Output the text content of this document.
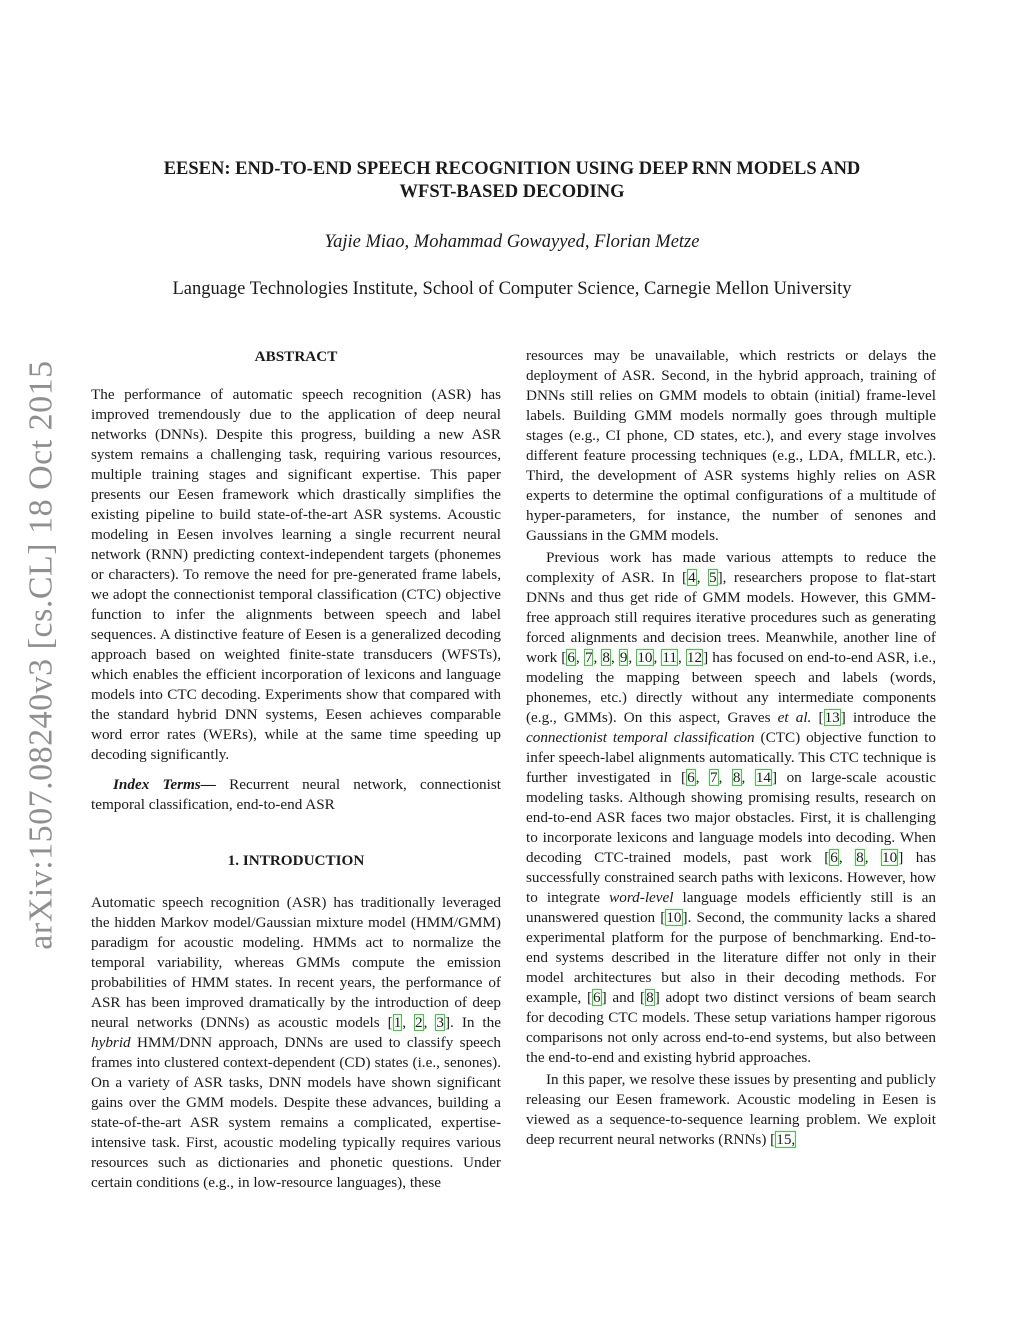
arXiv:1507.08240v3 [cs.CL] 18 Oct 2015
EESEN: END-TO-END SPEECH RECOGNITION USING DEEP RNN MODELS AND
WFST-BASED DECODING

Yajie Miao, Mohammad Gowayyed, Florian Metze

Language Technologies Institute, School of Computer Science, Carnegie Mellon University

ABSTRACT

The performance of automatic speech recognition (ASR) has improved tremendously due to the application of deep neural networks (DNNs). Despite this progress, building a new ASR system remains a challenging task, requiring various resources, multiple training stages and significant expertise. This paper presents our Eesen framework which drastically simplifies the existing pipeline to build state-of-the-art ASR systems. Acoustic modeling in Eesen involves learning a single recurrent neural network (RNN) predicting context-independent targets (phonemes or characters). To remove the need for pre-generated frame labels, we adopt the connectionist temporal classification (CTC) objective function to infer the alignments between speech and label sequences. A distinctive feature of Eesen is a generalized decoding approach based on weighted finite-state transducers (WFSTs), which enables the efficient incorporation of lexicons and language models into CTC decoding. Experiments show that compared with the standard hybrid DNN systems, Eesen achieves comparable word error rates (WERs), while at the same time speeding up decoding significantly.

Index Terms— Recurrent neural network, connectionist temporal classification, end-to-end ASR

1. INTRODUCTION

Automatic speech recognition (ASR) has traditionally leveraged the hidden Markov model/Gaussian mixture model (HMM/GMM) paradigm for acoustic modeling. HMMs act to normalize the temporal variability, whereas GMMs compute the emission probabilities of HMM states. In recent years, the performance of ASR has been improved dramatically by the introduction of deep neural networks (DNNs) as acoustic models [1, 2, 3]. In the hybrid HMM/DNN approach, DNNs are used to classify speech frames into clustered context-dependent (CD) states (i.e., senones). On a variety of ASR tasks, DNN models have shown significant gains over the GMM models. Despite these advances, building a state-of-the-art ASR system remains a complicated, expertise-intensive task. First, acoustic modeling typically requires various resources such as dictionaries and phonetic questions. Under certain conditions (e.g., in low-resource languages), these

resources may be unavailable, which restricts or delays the deployment of ASR. Second, in the hybrid approach, training of DNNs still relies on GMM models to obtain (initial) frame-level labels. Building GMM models normally goes through multiple stages (e.g., CI phone, CD states, etc.), and every stage involves different feature processing techniques (e.g., LDA, fMLLR, etc.). Third, the development of ASR systems highly relies on ASR experts to determine the optimal configurations of a multitude of hyper-parameters, for instance, the number of senones and Gaussians in the GMM models.

Previous work has made various attempts to reduce the complexity of ASR. In [4, 5], researchers propose to flat-start DNNs and thus get ride of GMM models. However, this GMM-free approach still requires iterative procedures such as generating forced alignments and decision trees. Meanwhile, another line of work [6, 7, 8, 9, 10, 11, 12] has focused on end-to-end ASR, i.e., modeling the mapping between speech and labels (words, phonemes, etc.) directly without any intermediate components (e.g., GMMs). On this aspect, Graves et al. [13] introduce the connectionist temporal classification (CTC) objective function to infer speech-label alignments automatically. This CTC technique is further investigated in [6, 7, 8, 14] on large-scale acoustic modeling tasks. Although showing promising results, research on end-to-end ASR faces two major obstacles. First, it is challenging to incorporate lexicons and language models into decoding. When decoding CTC-trained models, past work [6, 8, 10] has successfully constrained search paths with lexicons. However, how to integrate word-level language models efficiently still is an unanswered question [10]. Second, the community lacks a shared experimental platform for the purpose of benchmarking. End-to-end systems described in the literature differ not only in their model architectures but also in their decoding methods. For example, [6] and [8] adopt two distinct versions of beam search for decoding CTC models. These setup variations hamper rigorous comparisons not only across end-to-end systems, but also between the end-to-end and existing hybrid approaches.

In this paper, we resolve these issues by presenting and publicly releasing our Eesen framework. Acoustic modeling in Eesen is viewed as a sequence-to-sequence learning problem. We exploit deep recurrent neural networks (RNNs) [15,
